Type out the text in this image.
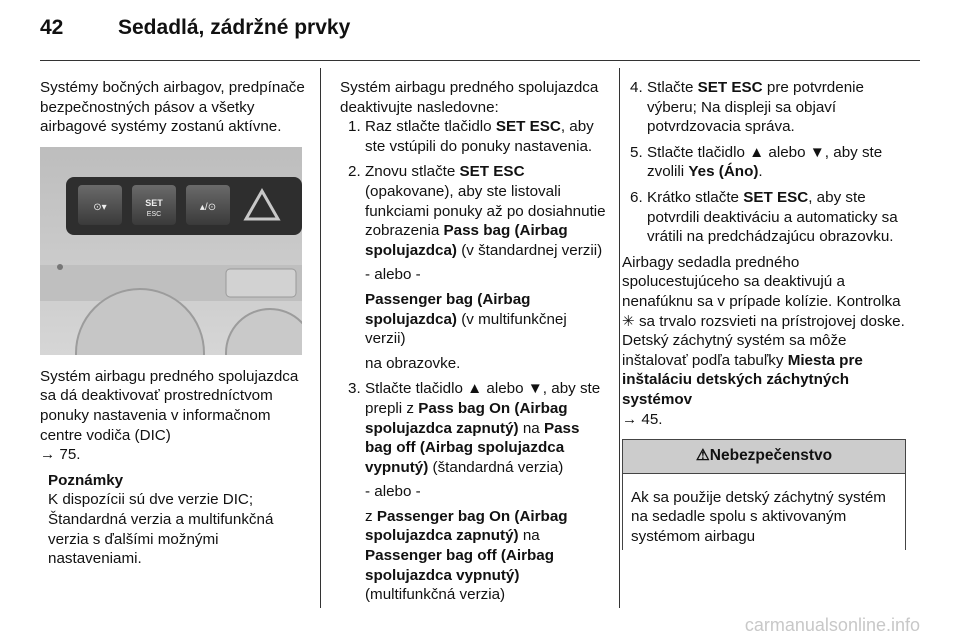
42	Sedadlá, zádržné prvky

Systémy bočných airbagov, predpínače bezpečnostných pásov a všetky airbagové systémy zostanú aktívne.

⊙▾	SET
ESC
▴/⊙

Systém airbagu predného spolujazdca sa dá deaktivovať prostredníctvom ponuky nastavenia v informačnom centre vodiča (DIC)
→ 75.

Poznámky
K dispozícii sú dve verzie DIC; Štandardná verzia a multifunkčná verzia s ďalšími možnými nastaveniami.

Systém airbagu predného spolujazdca deaktivujte nasledovne:

1. Raz stlačte tlačidlo SET ESC, aby ste vstúpili do ponuky nastavenia.
2. Znovu stlačte SET ESC (opakovane), aby ste listovali funkciami ponuky až po dosiahnutie zobrazenia Pass bag (Airbag spolujazdca) (v štandardnej verzii)
- alebo -
Passenger bag (Airbag spolujazdca) (v multifunkčnej verzii)
na obrazovke.
3. Stlačte tlačidlo ▲ alebo ▼, aby ste prepli z Pass bag On (Airbag spolujazdca zapnutý) na Pass bag off (Airbag spolujazdca vypnutý) (štandardná verzia)
- alebo -
z Passenger bag On (Airbag spolujazdca zapnutý) na Passenger bag off (Airbag spolujazdca vypnutý) (multifunkčná verzia)
4. Stlačte SET ESC pre potvrdenie výberu; Na displeji sa objaví potvrdzovacia správa.
5. Stlačte tlačidlo ▲ alebo ▼, aby ste zvolili Yes (Áno).
6. Krátko stlačte SET ESC, aby ste potvrdili deaktiváciu a automaticky sa vrátili na predchádzajúcu obrazovku.

Airbagy sedadla predného spolucestujúceho sa deaktivujú a nenafúknu sa v prípade kolízie. Kontrolka ✳ sa trvalo rozsvieti na prístrojovej doske. Detský záchytný systém sa môže inštalovať podľa tabuľky Miesta pre inštaláciu detských záchytných systémov
→ 45.

⚠Nebezpečenstvo
Ak sa použije detský záchytný systém na sedadle spolu s aktivovaným systémom airbagu
carmanualsonline.info
